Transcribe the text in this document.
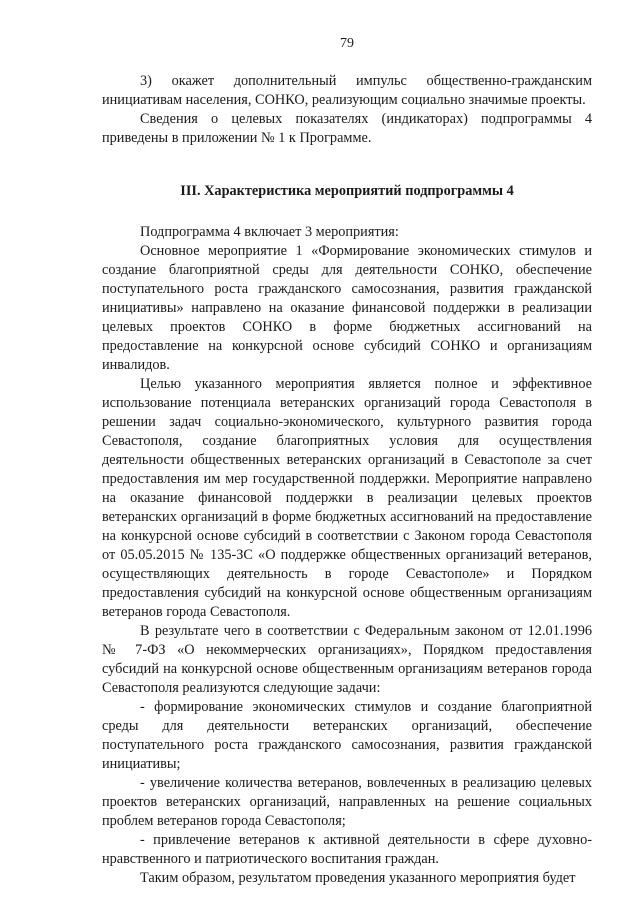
79

3) окажет дополнительный импульс общественно-гражданским инициативам населения, СОНКО, реализующим социально значимые проекты.

Сведения о целевых показателях (индикаторах) подпрограммы 4 приведены в приложении № 1 к Программе.

III. Характеристика мероприятий подпрограммы 4

Подпрограмма 4 включает 3 мероприятия:

Основное мероприятие 1 «Формирование экономических стимулов и создание благоприятной среды для деятельности СОНКО, обеспечение поступательного роста гражданского самосознания, развития гражданской инициативы» направлено на оказание финансовой поддержки в реализации целевых проектов СОНКО в форме бюджетных ассигнований на предоставление на конкурсной основе субсидий СОНКО и организациям инвалидов.

Целью указанного мероприятия является полное и эффективное использование потенциала ветеранских организаций города Севастополя в решении задач социально-экономического, культурного развития города Севастополя, создание благоприятных условия для осуществления деятельности общественных ветеранских организаций в Севастополе за счет предоставления им мер государственной поддержки. Мероприятие направлено на оказание финансовой поддержки в реализации целевых проектов ветеранских организаций в форме бюджетных ассигнований на предоставление на конкурсной основе субсидий в соответствии с Законом города Севастополя от 05.05.2015 № 135-ЗС «О поддержке общественных организаций ветеранов, осуществляющих деятельность в городе Севастополе» и Порядком предоставления субсидий на конкурсной основе общественным организациям ветеранов города Севастополя.

В результате чего в соответствии с Федеральным законом от 12.01.1996 № 7-ФЗ «О некоммерческих организациях», Порядком предоставления субсидий на конкурсной основе общественным организациям ветеранов города Севастополя реализуются следующие задачи:

- формирование экономических стимулов и создание благоприятной среды для деятельности ветеранских организаций, обеспечение поступательного роста гражданского самосознания, развития гражданской инициативы;

- увеличение количества ветеранов, вовлеченных в реализацию целевых проектов ветеранских организаций, направленных на решение социальных проблем ветеранов города Севастополя;

- привлечение ветеранов к активной деятельности в сфере духовно-нравственного и патриотического воспитания граждан.

Таким образом, результатом проведения указанного мероприятия будет
